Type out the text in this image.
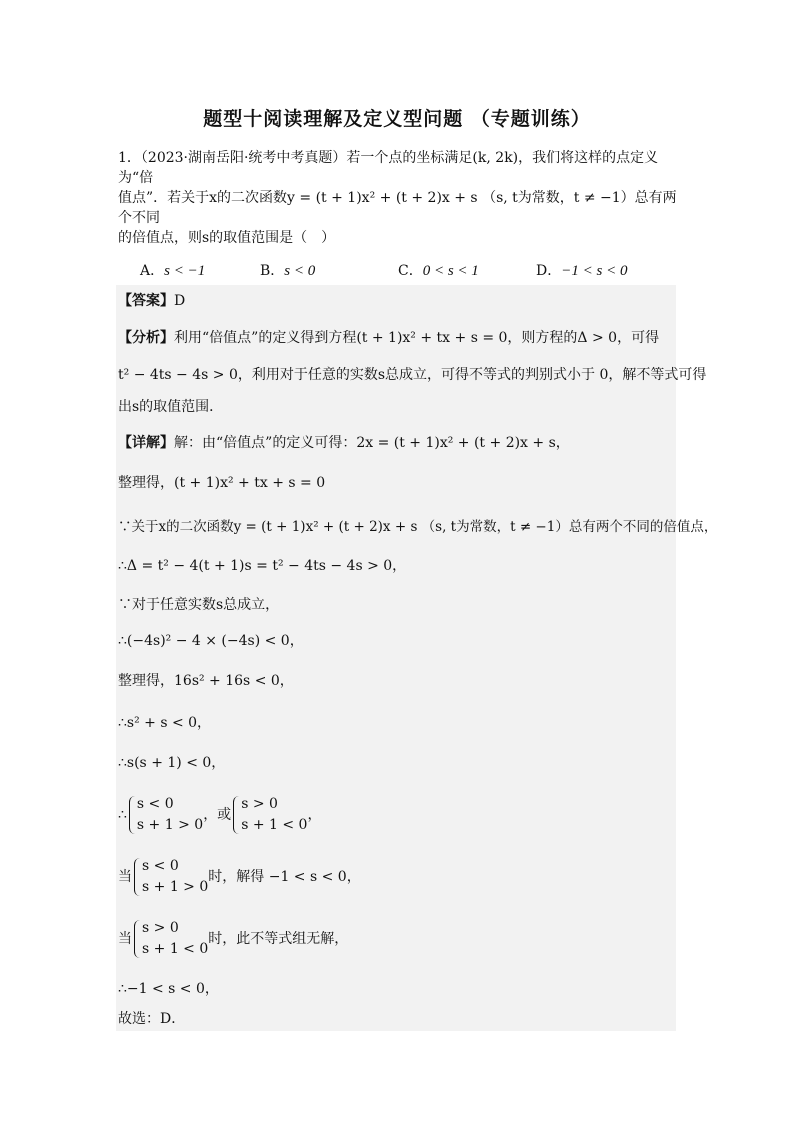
题型十阅读理解及定义型问题 （专题训练）
1．（2023·湖南岳阳·统考中考真题）若一个点的坐标满足(k, 2k)，我们将这样的点定义为“倍
值点”．若关于x的二次函数y = (t + 1)x² + (t + 2)x + s （s, t为常数，t ≠ −1）总有两个不同
的倍值点，则s的取值范围是（　）
A．s < −1	B．s < 0	C．0 < s < 1	D．−1 < s < 0
【答案】D
【分析】利用“倍值点”的定义得到方程(t + 1)x² + tx + s = 0，则方程的Δ > 0，可得
t² − 4ts − 4s > 0，利用对于任意的实数s总成立，可得不等式的判别式小于 0，解不等式可得
出s的取值范围．
【详解】解：由“倍值点”的定义可得：2x = (t + 1)x² + (t + 2)x + s，
整理得，(t + 1)x² + tx + s = 0
∵关于x的二次函数y = (t + 1)x² + (t + 2)x + s （s, t为常数，t ≠ −1）总有两个不同的倍值点，
∴Δ = t² − 4(t + 1)s = t² − 4ts − 4s > 0，
∵对于任意实数s总成立，
∴(−4s)² − 4 × (−4s) < 0，
整理得，16s² + 16s < 0，
∴s² + s < 0，
∴s(s + 1) < 0，
∴s < 0
s + 1 > 0，或s > 0
s + 1 < 0，
当s < 0
s + 1 > 0时，解得 −1 < s < 0，
当s > 0
s + 1 < 0时，此不等式组无解，
∴−1 < s < 0，
故选：D．
